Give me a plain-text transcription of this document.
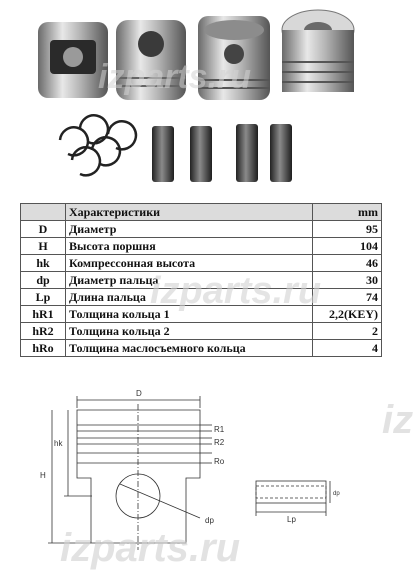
izparts.ru
	Характеристики	mm
D	Диаметр	95
H	Высота поршня	104
hk	Компрессонная высота	46
dp	Диаметр пальца	30
Lp	Длина пальца	74
hR1	Толщина кольца 1	2,2(KEY)
hR2	Толщина кольца 2	2
hRo	Толщина маслосъемного кольца	4
izparts.ru
D
R1
R2
Ro
hk
H
dp	Lp
dp
izparts.ru
iz
